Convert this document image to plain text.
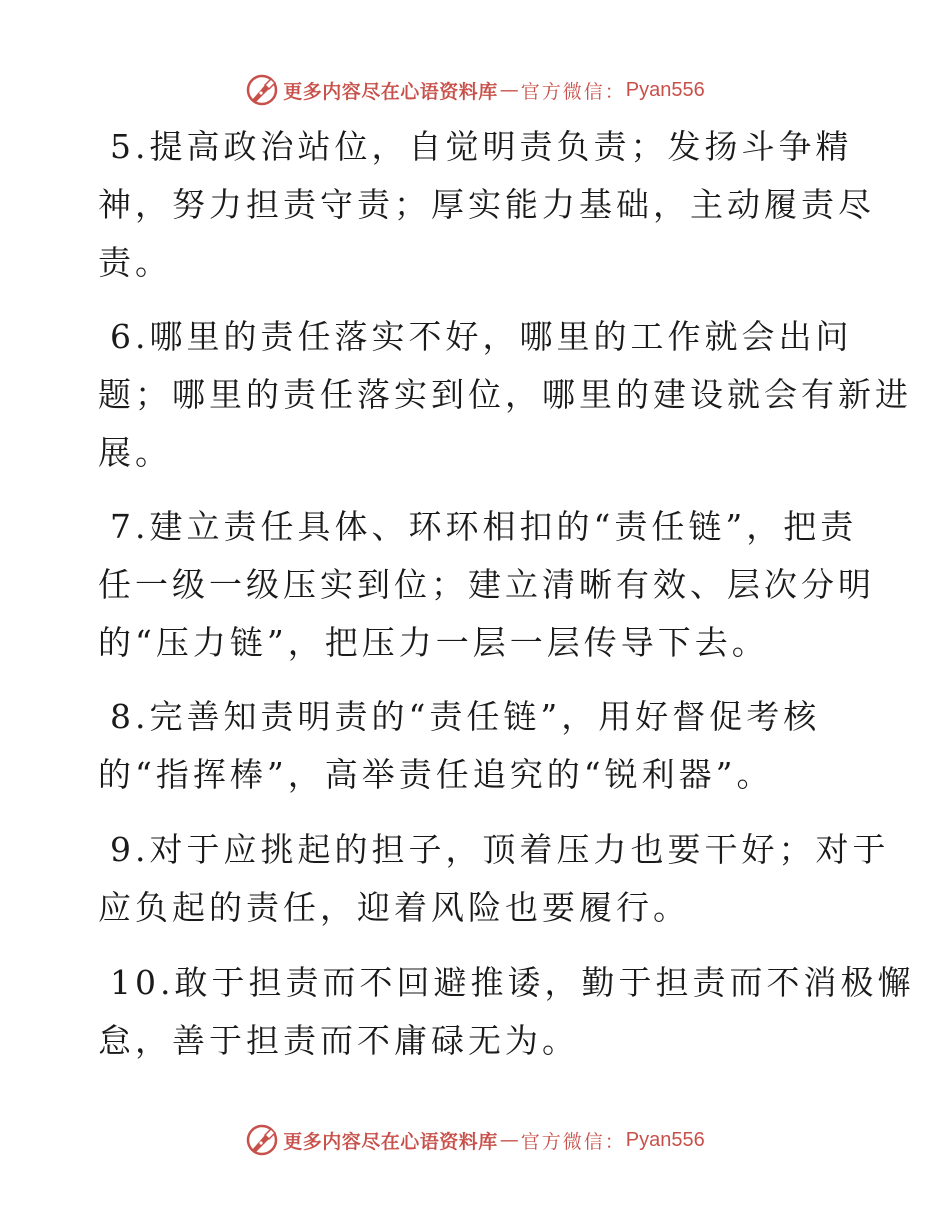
更多内容尽在心语资料库 — 官方微信： Pyan556
5.提高政治站位，自觉明责负责；发扬斗争精
神，努力担责守责；厚实能力基础，主动履责尽
责。
6.哪里的责任落实不好，哪里的工作就会出问
题；哪里的责任落实到位，哪里的建设就会有新进
展。
7.建立责任具体、环环相扣的“责任链”，把责
任一级一级压实到位；建立清晰有效、层次分明
的“压力链”，把压力一层一层传导下去。
8.完善知责明责的“责任链”，用好督促考核
的“指挥棒”，高举责任追究的“锐利器”。
9.对于应挑起的担子，顶着压力也要干好；对于
应负起的责任，迎着风险也要履行。
10.敢于担责而不回避推诿，勤于担责而不消极懈
怠，善于担责而不庸碌无为。
更多内容尽在心语资料库 — 官方微信： Pyan556
